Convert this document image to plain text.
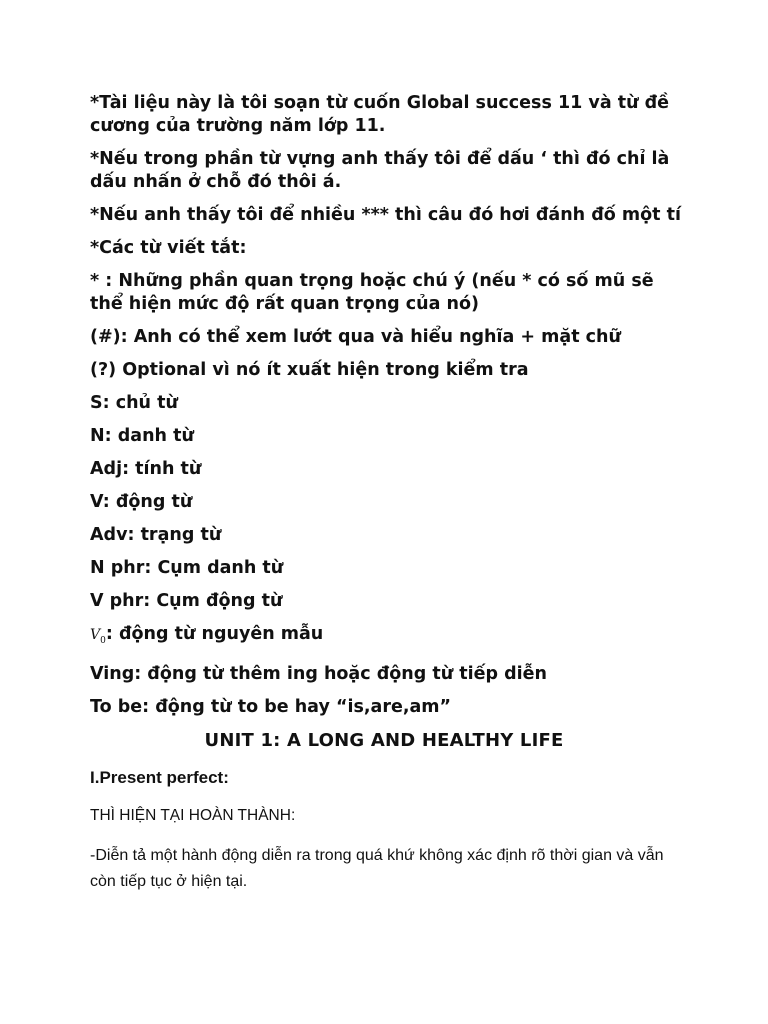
*Tài liệu này là tôi soạn từ cuốn Global success 11 và từ đề cương của trường năm lớp 11.

*Nếu trong phần từ vựng anh thấy tôi để dấu ‘ thì đó chỉ là dấu nhấn ở chỗ đó thôi á.

*Nếu anh thấy tôi để nhiều *** thì câu đó hơi đánh đố một tí

*Các từ viết tắt:

* : Những phần quan trọng hoặc chú ý (nếu * có số mũ sẽ thể hiện mức độ rất quan trọng của nó)

(#): Anh có thể xem lướt qua và hiểu nghĩa + mặt chữ

(?) Optional vì nó ít xuất hiện trong kiểm tra

S: chủ từ

N: danh từ

Adj: tính từ

V: động từ

Adv: trạng từ

N phr: Cụm danh từ

V phr: Cụm động từ

$V_0$: động từ nguyên mẫu

Ving: động từ thêm ing hoặc động từ tiếp diễn

To be: động từ to be hay “is,are,am”

UNIT 1: A LONG AND HEALTHY LIFE

I.Present perfect:

THÌ HIỆN TẠI HOÀN THÀNH:

-Diễn tả một hành động diễn ra trong quá khứ không xác định rõ thời gian và vẫn còn tiếp tục ở hiện tại.
